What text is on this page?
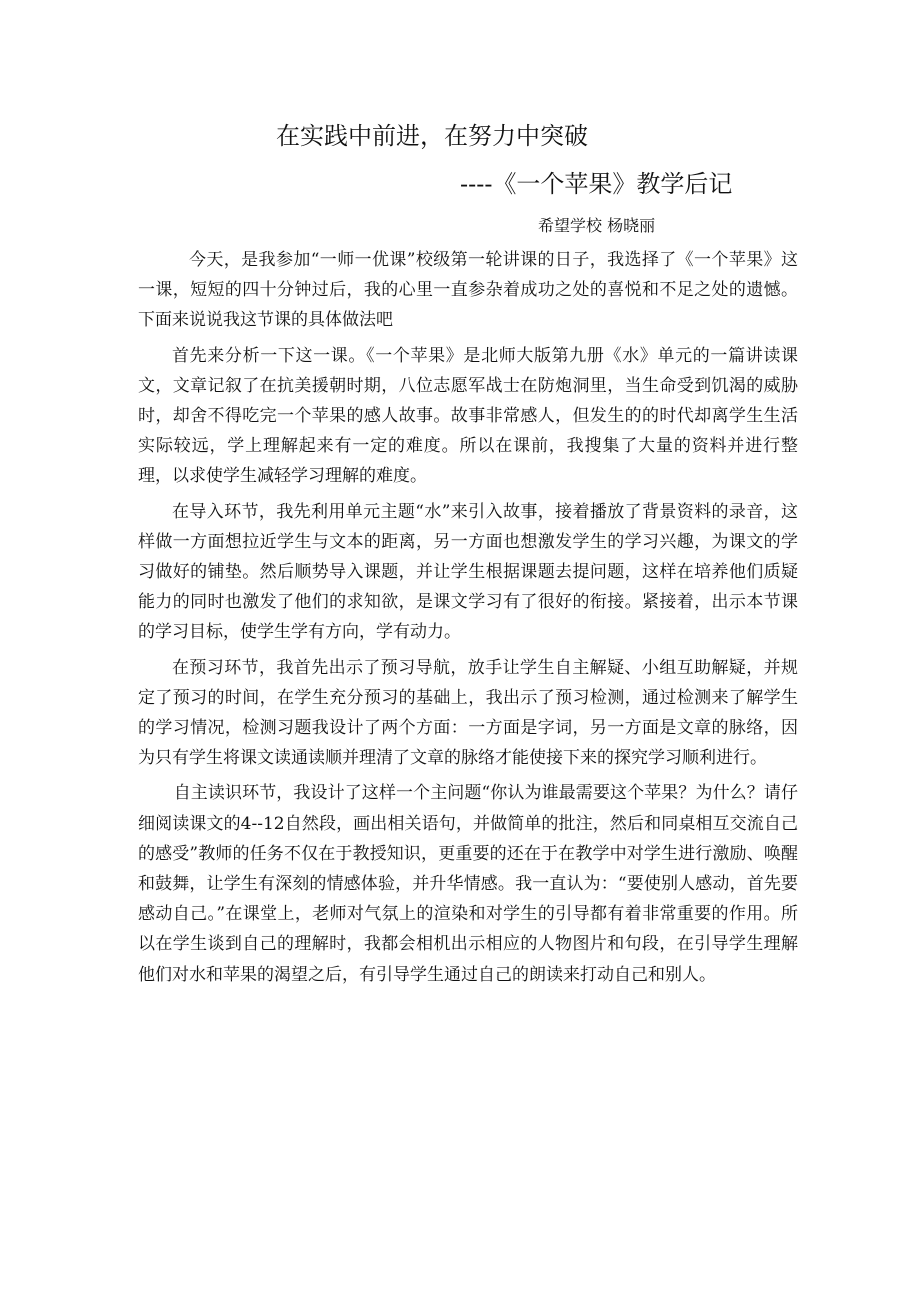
在实践中前进，在努力中突破
----《一个苹果》教学后记
希望学校 杨晓丽

今天，是我参加“一师一优课”校级第一轮讲课的日子，我选择了《一个苹果》这一课，短短的四十分钟过后，我的心里一直参杂着成功之处的喜悦和不足之处的遗憾。下面来说说我这节课的具体做法吧

首先来分析一下这一课。《一个苹果》是北师大版第九册《水》单元的一篇讲读课文，文章记叙了在抗美援朝时期，八位志愿军战士在防炮洞里，当生命受到饥渴的威胁时，却舍不得吃完一个苹果的感人故事。故事非常感人，但发生的的时代却离学生生活实际较远，学上理解起来有一定的难度。所以在课前，我搜集了大量的资料并进行整理，以求使学生减轻学习理解的难度。

在导入环节，我先利用单元主题“水”来引入故事，接着播放了背景资料的录音，这样做一方面想拉近学生与文本的距离，另一方面也想激发学生的学习兴趣，为课文的学习做好的铺垫。然后顺势导入课题，并让学生根据课题去提问题，这样在培养他们质疑能力的同时也激发了他们的求知欲，是课文学习有了很好的衔接。紧接着，出示本节课的学习目标，使学生学有方向，学有动力。

在预习环节，我首先出示了预习导航，放手让学生自主解疑、小组互助解疑，并规定了预习的时间，在学生充分预习的基础上，我出示了预习检测，通过检测来了解学生的学习情况，检测习题我设计了两个方面：一方面是字词，另一方面是文章的脉络，因为只有学生将课文读通读顺并理清了文章的脉络才能使接下来的探究学习顺利进行。

自主读识环节，我设计了这样一个主问题“你认为谁最需要这个苹果？为什么？请仔细阅读课文的4--12自然段，画出相关语句，并做简单的批注，然后和同桌相互交流自己的感受”教师的任务不仅在于教授知识，更重要的还在于在教学中对学生进行激励、唤醒和鼓舞，让学生有深刻的情感体验，并升华情感。我一直认为：“要使别人感动，首先要感动自己。”在课堂上，老师对气氛上的渲染和对学生的引导都有着非常重要的作用。所以在学生谈到自己的理解时，我都会相机出示相应的人物图片和句段，在引导学生理解他们对水和苹果的渴望之后，有引导学生通过自己的朗读来打动自己和别人。
